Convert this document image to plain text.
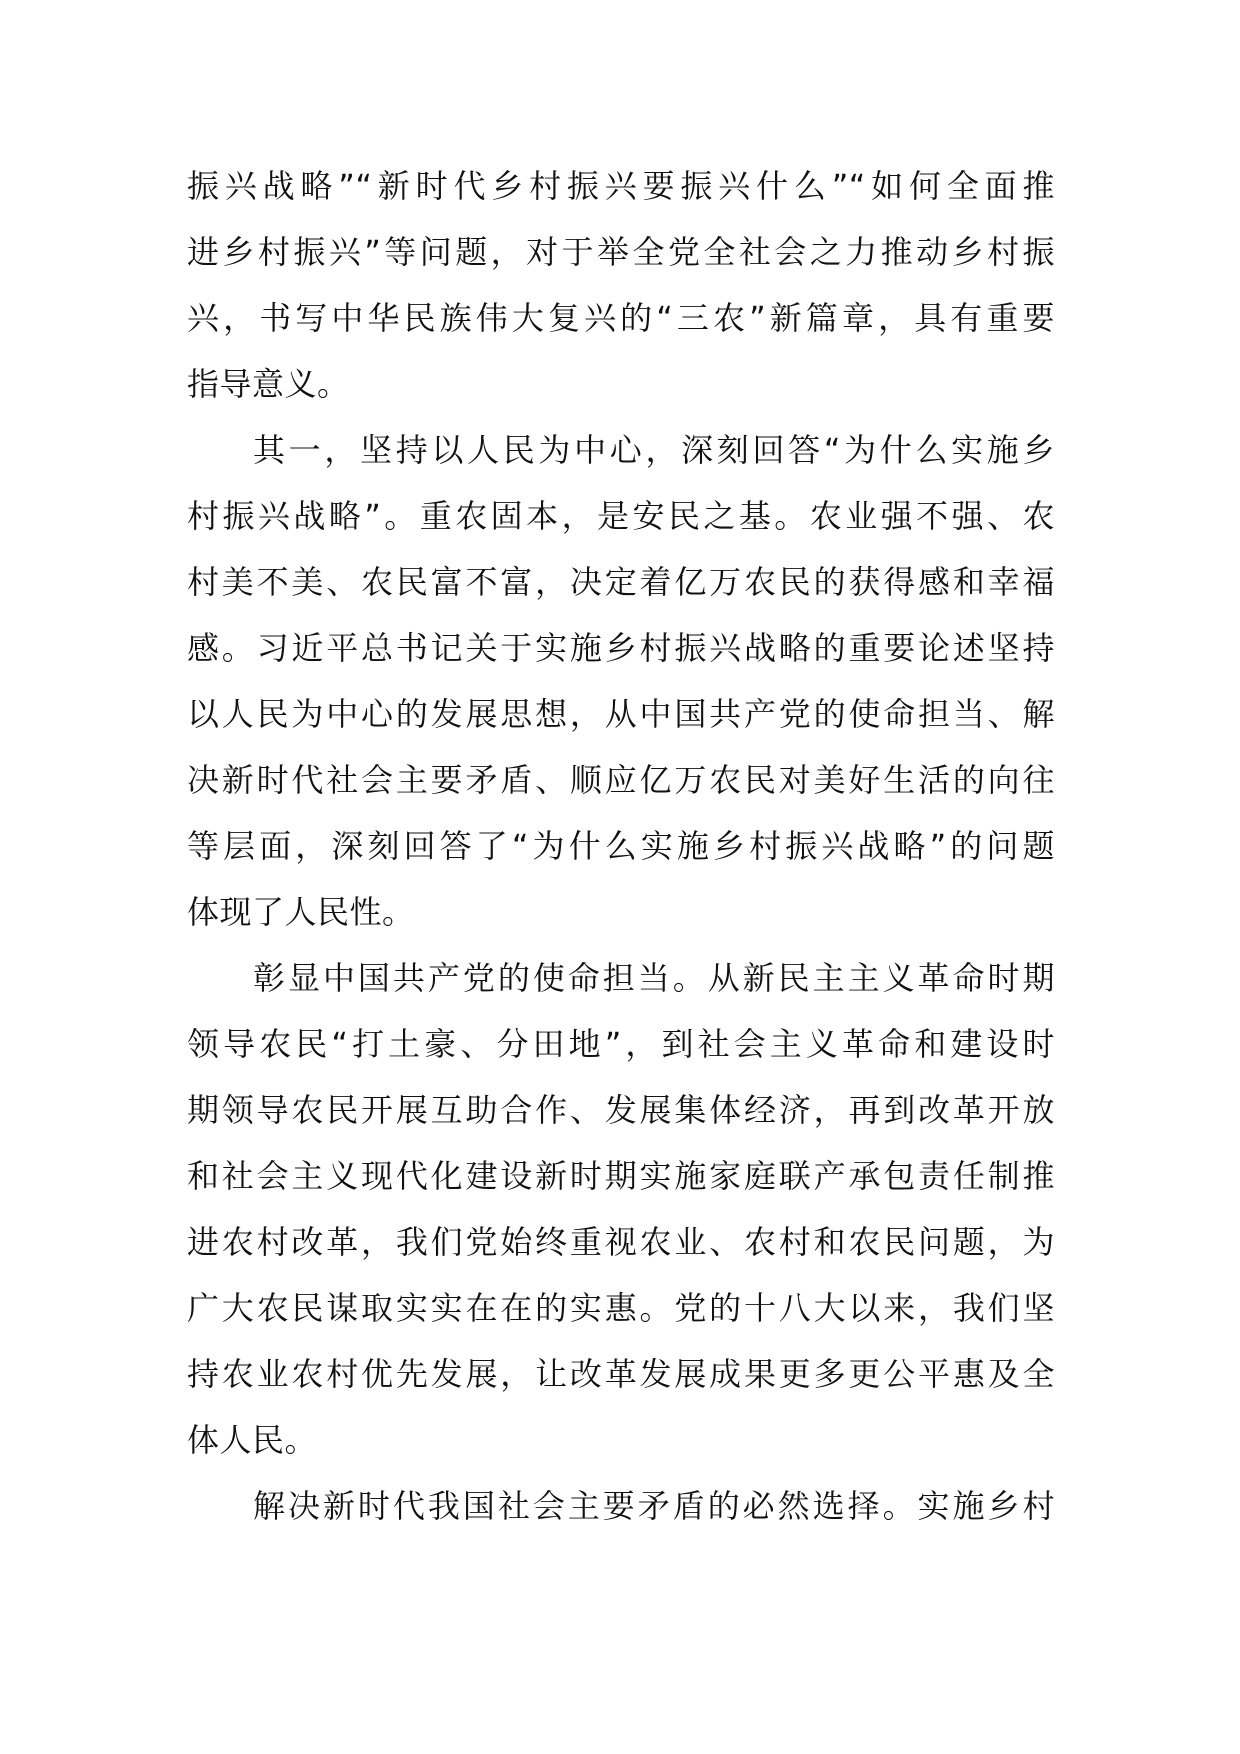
振兴战略”“新时代乡村振兴要振兴什么”“如何全面推
进乡村振兴”等问题，对于举全党全社会之力推动乡村振
兴，书写中华民族伟大复兴的“三农”新篇章，具有重要
指导意义。
其一，坚持以人民为中心，深刻回答“为什么实施乡
村振兴战略”。重农固本，是安民之基。农业强不强、农
村美不美、农民富不富，决定着亿万农民的获得感和幸福
感。习近平总书记关于实施乡村振兴战略的重要论述坚持
以人民为中心的发展思想，从中国共产党的使命担当、解
决新时代社会主要矛盾、顺应亿万农民对美好生活的向往
等层面，深刻回答了“为什么实施乡村振兴战略”的问题
体现了人民性。
彰显中国共产党的使命担当。从新民主主义革命时期
领导农民“打土豪、分田地”，到社会主义革命和建设时
期领导农民开展互助合作、发展集体经济，再到改革开放
和社会主义现代化建设新时期实施家庭联产承包责任制推
进农村改革，我们党始终重视农业、农村和农民问题，为
广大农民谋取实实在在的实惠。党的十八大以来，我们坚
持农业农村优先发展，让改革发展成果更多更公平惠及全
体人民。
解决新时代我国社会主要矛盾的必然选择。实施乡村
